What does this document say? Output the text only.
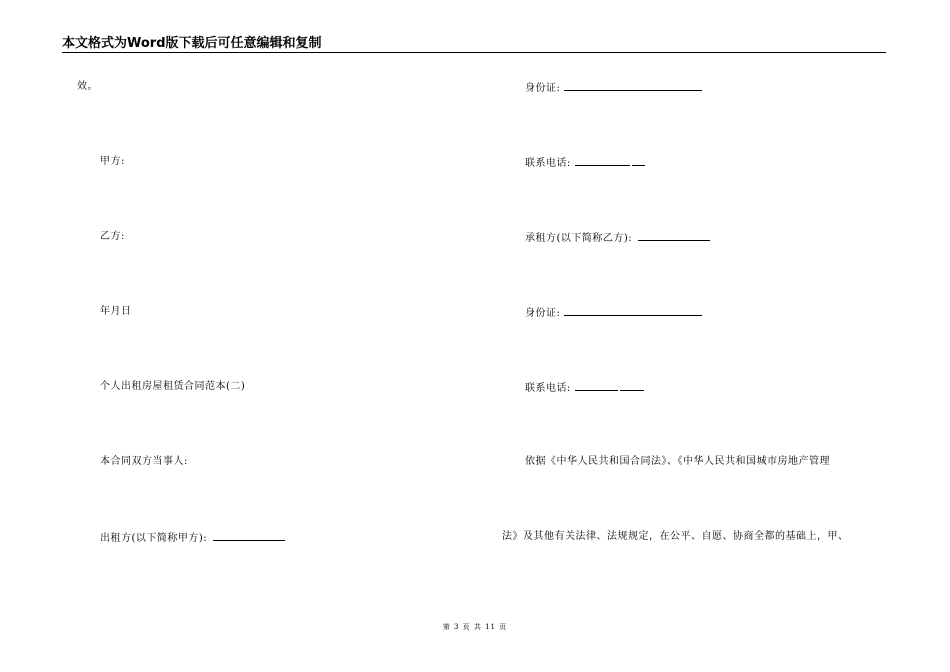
本文格式为Word版下载后可任意编辑和复制
效。
甲方:
乙方:
年月日
个人出租房屋租赁合同范本(二)
本合同双方当事人:
出租方(以下简称甲方):
身份证:
联系电话:
承租方(以下简称乙方):
身份证:
联系电话:
依据《中华人民共和国合同法》、《中华人民共和国城市房地产管理
法》及其他有关法律、法规规定，在公平、自愿、协商全都的基础上，甲、
第 3 页 共 11 页
